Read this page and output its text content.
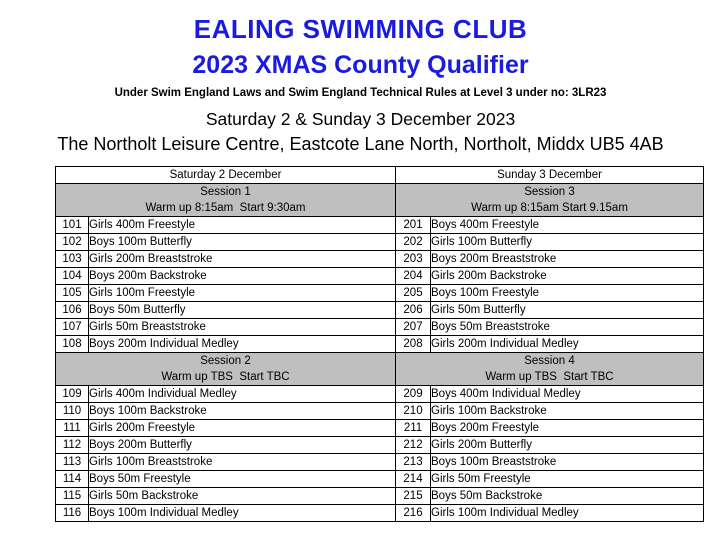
EALING SWIMMING CLUB
2023 XMAS County Qualifier
Under Swim England Laws and Swim England Technical Rules at Level 3 under no: 3LR23
Saturday 2 & Sunday 3 December 2023
The Northolt Leisure Centre, Eastcote Lane North, Northolt, Middx UB5 4AB
Saturday 2 December		Sunday 3 December	

Session 1
Warm up 8:15am  Start 9:30am

Session 3
Warm up 8:15am Start 9.15am

101	Girls 400m Freestyle	201	Boys 400m Freestyle
102	Boys 100m Butterfly	202	Girls 100m Butterfly
103	Girls 200m Breaststroke	203	Boys 200m Breaststroke
104	Boys 200m Backstroke	204	Girls 200m Backstroke
105	Girls 100m Freestyle	205	Boys 100m Freestyle
106	Boys 50m Butterfly	206	Girls 50m Butterfly
107	Girls 50m Breaststroke	207	Boys 50m Breaststroke
108	Boys 200m Individual Medley	208	Girls 200m Individual Medley

Session 2
Warm up TBS  Start TBC

Session 4
Warm up TBS  Start TBC

109	Girls 400m Individual Medley	209	Boys 400m Individual Medley
110	Boys 100m Backstroke	210	Girls 100m Backstroke
111	Girls 200m Freestyle	211	Boys 200m Freestyle
112	Boys 200m Butterfly	212	Girls 200m Butterfly
113	Girls 100m Breaststroke	213	Boys 100m Breaststroke
114	Boys 50m Freestyle	214	Girls 50m Freestyle
115	Girls 50m Backstroke	215	Boys 50m Backstroke
116	Boys 100m Individual Medley	216	Girls 100m Individual Medley
